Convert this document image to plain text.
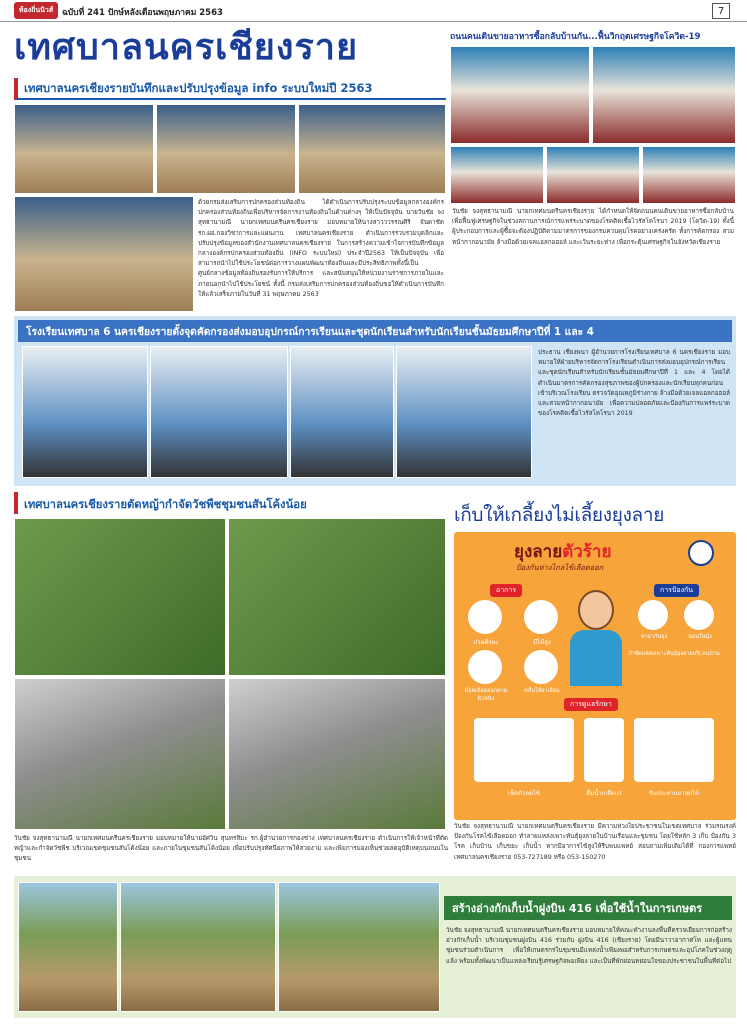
ท้องถิ่นนิวส์ ฉบับที่ 241 ปักษ์หลังเดือนพฤษภาคม 2563	7
เทศบาลนครเชียงราย
เทศบาลนครเชียงรายบันทึกและปรับปรุงข้อมูล info ระบบใหม่ปี 2563
ด้วยกรมส่งเสริมการปกครองส่วนท้องถิ่น ได้ดำเนินการปรับปรุงระบบข้อมูลกลางองค์กรปกครองส่วนท้องถิ่นเพื่อบริหารจัดการงานท้องถิ่นในด้านต่างๆ ให้เป็นปัจจุบัน นายวันชัย จงสุทธานามณี นายกเทศมนตรีนครเชียงราย มอบหมายให้นางสาวววรรณศิริ จันดาชัด รก.ผอ.กองวิชาการและแผนงาน เทศบาลนครเชียงราย ดำเนินการรวบรวมบุคลิกและปรับปรุงข้อมูลของสำนักงานเทศบาลนครเชียงราย ในการสร้างความเข้าใจการบันทึกข้อมูลกลางองค์กรปกครองส่วนท้องถิ่น (INFO ระบบใหม่) ประจำปี2563 ให้เป็นปัจจุบัน เพื่อสามารถนำไปใช้ประโยชน์ต่อการวางแผนพัฒนาท้องถิ่นและมีประสิทธิภาพทั้งนี้เป็นศูนย์กลางข้อมูลท้องถิ่นรองรับการให้บริการ และสนับสนุนให้หน่วยงานราชการภายในและภายนอกนำไปใช้ประโยชน์ ทั้งนี้ กรมส่งเสริมการปกครองส่วนท้องถิ่นขอให้ดำเนินการบันทึกให้แล้วเสร็จภายในวันที่ 31 พฤษภาคม 2563
ถนนคนเดินขายอาหารซื้อกลับบ้านกัน...ฟื้นวิกฤตเศรษฐกิจโควิด-19
วันชัย จงสุทธานามณี นายกเทศมนตรีนครเชียงราย ได้กำหนดให้จัดถนนคนเดินขายอาหารซื้อกลับบ้านเพื่อฟื้นฟูเศรษฐกิจในช่วงสถานการณ์การแพร่ระบาดของโรคติดเชื้อไวรัสโคโรนา 2019 (โควิด-19) ทั้งนี้ผู้ประกอบการและผู้ซื้อจะต้องปฏิบัติตามมาตรการของกรมควบคุมโรคอย่างเคร่งครัด ทั้งการคัดกรอง สวมหน้ากากอนามัย ล้างมือด้วยเจลแอลกอฮอล์ และเว้นระยะห่าง เพื่อกระตุ้นเศรษฐกิจในจังหวัดเชียงราย
โรงเรียนเทศบาล 6 นครเชียงรายตั้งจุดคัดกรองส่งมอบอุปกรณ์การเรียนและชุดนักเรียนสำหรับนักเรียนชั้นมัธยมศึกษาปีที่ 1 และ 4
ประธาน เชียงพนา ผู้อำนวยการโรงเรียนเทศบาล 6 นครเชียงราย มอบหมายให้ฝ่ายบริหารจัดการโรงเรียนดำเนินการส่งมอบอุปกรณ์การเรียนและชุดนักเรียนสำหรับนักเรียนชั้นมัธยมศึกษาปีที่ 1 และ 4 โดยได้ดำเนินมาตรการคัดกรองสุขภาพของผู้ปกครองและนักเรียนทุกคนก่อนเข้าบริเวณโรงเรียน ตรวจวัดอุณหภูมิร่างกาย ล้างมือด้วยเจลแอลกอฮอล์ และสวมหน้ากากอนามัย เพื่อความปลอดภัยและป้องกันการแพร่ระบาดของโรคติดเชื้อไวรัสโคโรนา 2019
เทศบาลนครเชียงรายตัดหญ้ากำจัดวัชพืชชุมชนสันโค้งน้อย	เก็บให้เกลี้ยงไม่เลี้ยงยุงลาย
ยุงลายตัวร้าย
ป้องกันห่างไกลไข้เลือดออก
อาการ
ปวดศีรษะ	มีไข้สูง
มีจุดเลือดออกตามผิวหนัง
คลื่นไส้อาเจียน
การป้องกัน
กำจัดแหล่งเพาะพันธุ์ยุงลายบริเวณบ้าน
ทายากันยุง	นอนในมุ้ง
การดูแลรักษา
เช็ดตัวลดไข้	ดื่มน้ำเกลือแร่	รับประทานยาลดไข้
วันชัย จงสุทธานามณี นายกเทศมนตรีนครเชียงราย มีความห่วงใยประชาชนในเขตเทศบาล ร่วมรณรงค์ป้องกันโรคไข้เลือดออก ทำลายแหล่งเพาะพันธุ์ยุงลายในบ้านเรือนและชุมชน โดยใช้หลัก 3 เก็บ ป้องกัน 3 โรค เก็บบ้าน เก็บขยะ เก็บน้ำ หากมีอาการไข้สูงให้รีบพบแพทย์ สอบถามเพิ่มเติมได้ที่ กองการแพทย์ เทศบาลนครเชียงราย 053-727189 หรือ 053-150270
วันชัย จงสุทธานามณี นายกเทศมนตรีนครเชียงราย มอบหมายให้นายอัศวิน สุนทรสิมะ รก.ผู้อำนวยการกองช่าง เทศบาลนครเชียงราย ดำเนินการให้เจ้าหน้าที่ตัดหญ้าและกำจัดวัชพืช บริเวณเขตชุมชนสันโค้งน้อย และภายในชุมชนสันโค้งน้อย เพื่อปรับปรุงทัศนียภาพให้สวยงาม และเพิ่มการมองเห็นช่วยลดอุบัติเหตุบนถนนในชุมชน
สร้างอ่างกักเก็บน้ำฝูงบิน 416 เพื่อใช้น้ำในการเกษตร
วันชัย จงสุทธานามณี นายกเทศมนตรีนครเชียงราย มอบหมายให้คณะทำงานลงพื้นที่ตรวจเยี่ยมการก่อสร้างอ่างกักเก็บน้ำ บริเวณชุมชนฝูงบิน 416 ร่วมกับ ฝูงบิน 416 (เชียงราย) โดยมีนาวาอากาศโท และผู้แทนชุมชนร่วมดำเนินการ เพื่อให้เกษตรกรในชุมชนมีแหล่งน้ำเพียงพอสำหรับการเกษตรและอุปโภคในช่วงฤดูแล้ง พร้อมทั้งพัฒนาเป็นแหล่งเรียนรู้เศรษฐกิจพอเพียง และเป็นที่พักผ่อนหย่อนใจของประชาชนในพื้นที่ต่อไป
